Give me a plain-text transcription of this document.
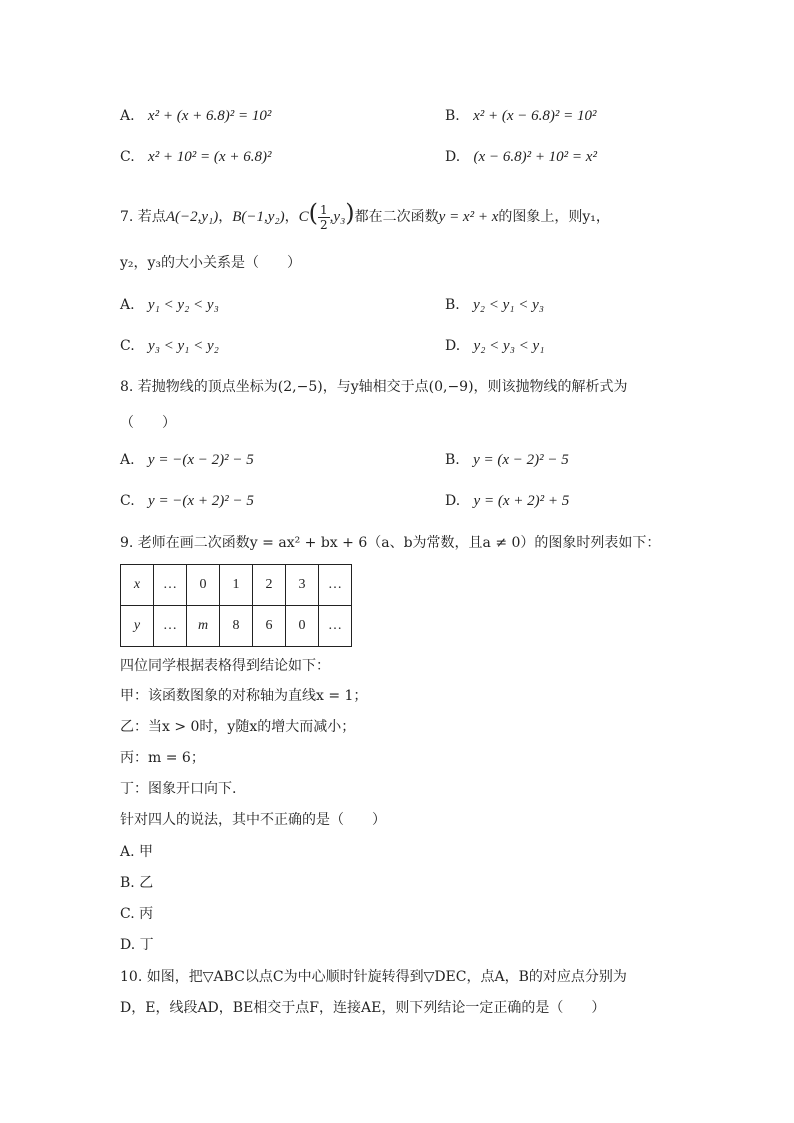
A. x² + (x + 6.8)² = 10²	B. x² + (x − 6.8)² = 10²
C. x² + 10² = (x + 6.8)²	D. (x − 6.8)² + 10² = x²
7. 若点A(−2,y₁)，B(−1,y₂)，$C( \frac{1}{2} ,y_3)$都在二次函数y = x² + x的图象上，则y₁，
y₂，y₃的大小关系是（　　）
A. y₁ < y₂ < y₃	B. y₂ < y₁ < y₃
C. y₃ < y₁ < y₂	D. y₂ < y₃ < y₁
8. 若抛物线的顶点坐标为(2,−5)，与y轴相交于点(0,−9)，则该抛物线的解析式为
（　　）
A. y = −(x − 2)² − 5	B. y = (x − 2)² − 5
C. y = −(x + 2)² − 5	D. y = (x + 2)² + 5
9. 老师在画二次函数y = ax² + bx + 6（a、b为常数，且a ≠ 0）的图象时列表如下：
x	…	0	1	2	3	…
y	…	m	8	6	0	…
四位同学根据表格得到结论如下：
甲：该函数图象的对称轴为直线x = 1；
乙：当x > 0时，y随x的增大而减小；
丙：m = 6；
丁：图象开口向下.
针对四人的说法，其中不正确的是（　　）
A. 甲
B. 乙
C. 丙
D. 丁
10. 如图，把▽ABC以点C为中心顺时针旋转得到▽DEC，点A，B的对应点分别为
D，E，线段AD，BE相交于点F，连接AE，则下列结论一定正确的是（　　）
